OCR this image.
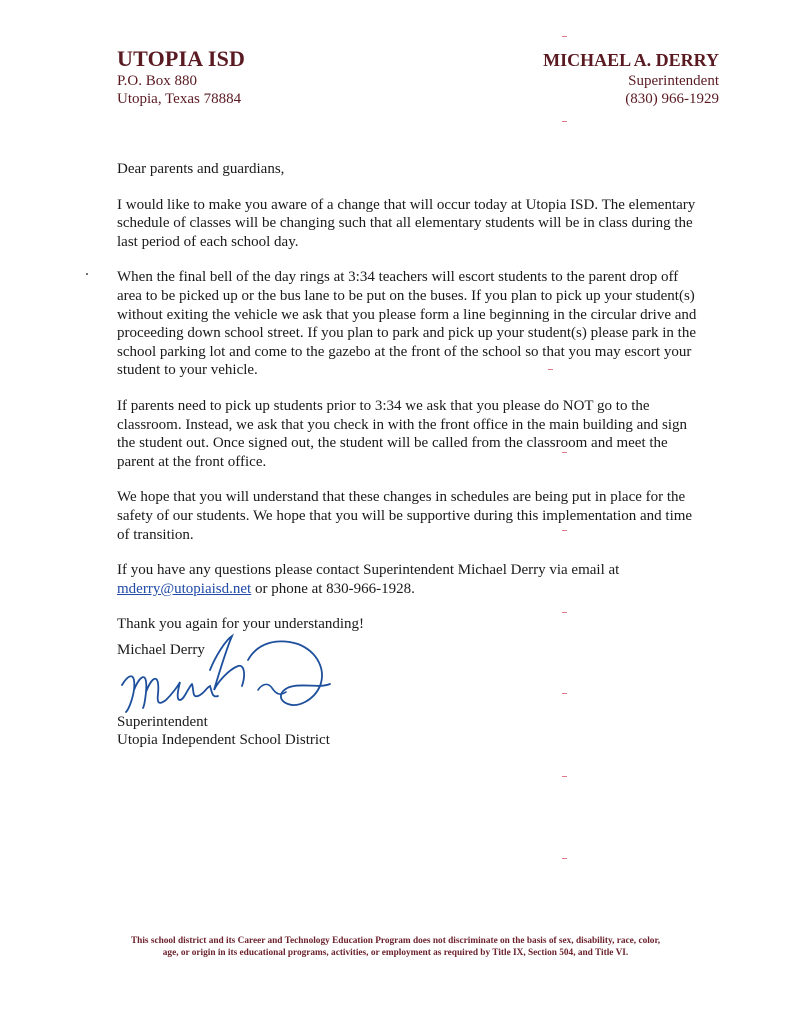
UTOPIA ISD
P.O. Box 880
Utopia, Texas 78884
MICHAEL A. DERRY
Superintendent
(830) 966-1929

Dear parents and guardians,

I would like to make you aware of a change that will occur today at Utopia ISD. The elementary schedule of classes will be changing such that all elementary students will be in class during the last period of each school day.

When the final bell of the day rings at 3:34 teachers will escort students to the parent drop off area to be picked up or the bus lane to be put on the buses. If you plan to pick up your student(s) without exiting the vehicle we ask that you please form a line beginning in the circular drive and proceeding down school street. If you plan to park and pick up your student(s) please park in the school parking lot and come to the gazebo at the front of the school so that you may escort your student to your vehicle.

If parents need to pick up students prior to 3:34 we ask that you please do NOT go to the classroom. Instead, we ask that you check in with the front office in the main building and sign the student out. Once signed out, the student will be called from the classroom and meet the parent at the front office.

We hope that you will understand that these changes in schedules are being put in place for the safety of our students. We hope that you will be supportive during this implementation and time of transition.

If you have any questions please contact Superintendent Michael Derry via email at
mderry@utopiaisd.net or phone at 830-966-1928.

Thank you again for your understanding!

Michael Derry
Superintendent
Utopia Independent School District
This school district and its Career and Technology Education Program does not discriminate on the basis of sex, disability, race, color,
age, or origin in its educational programs, activities, or employment as required by Title IX, Section 504, and Title VI.
